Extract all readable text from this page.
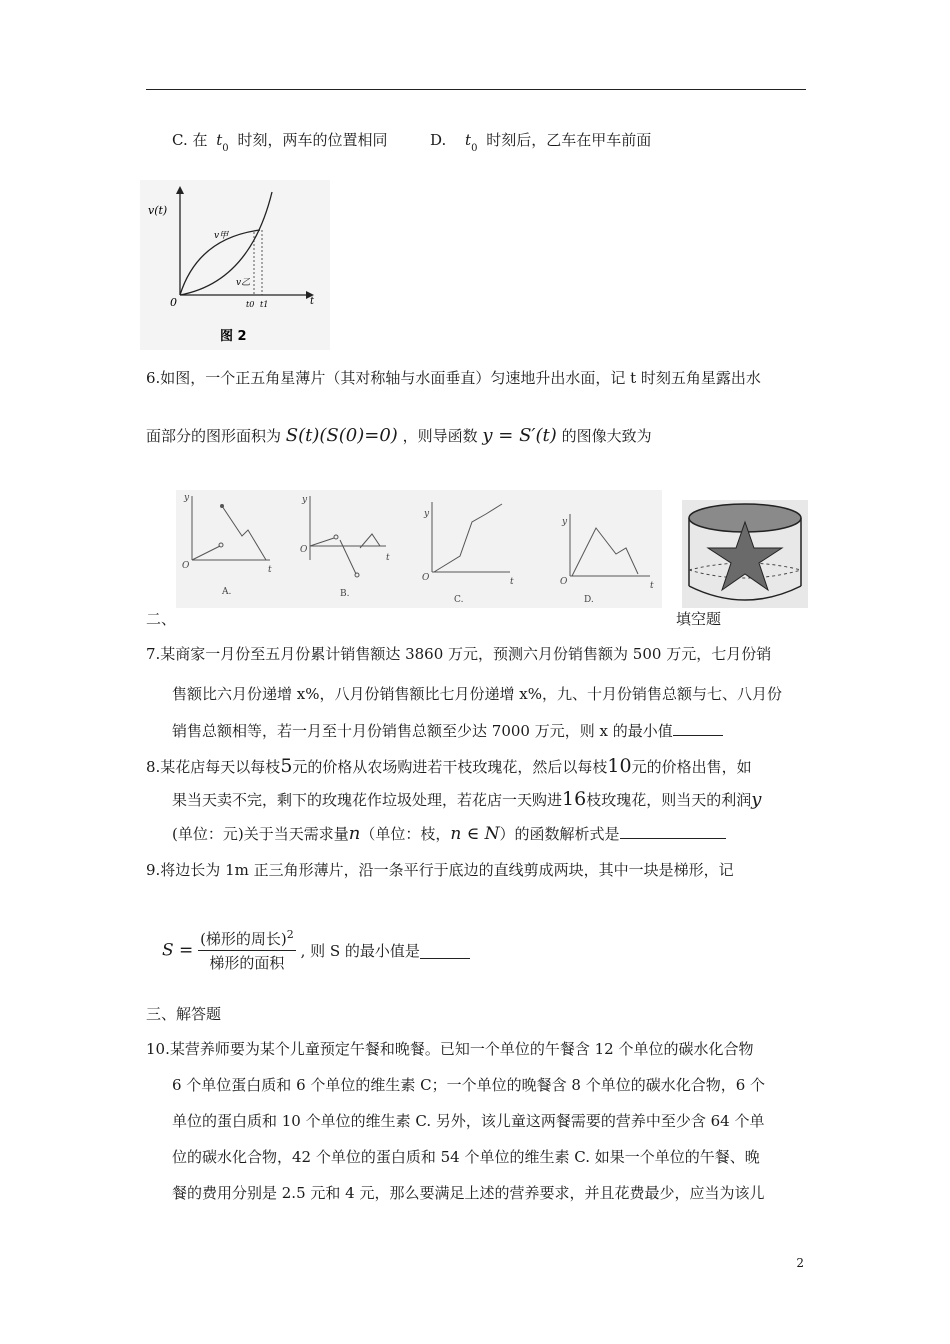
C. 在 $t_0$ 时刻，两车的位置相同	D. $t_0$ 时刻后，乙车在甲车前面
v(t)
t
0
v甲
v乙
t0 t1
图 2
6.如图，一个正五角星薄片（其对称轴与水面垂直）匀速地升出水面，记 t 时刻五角星露出水
面部分的图形面积为 S(t)(S(0)=0) ，则导函数 y = S′(t) 的图像大致为
y
t
O
A.
y
t
O
B.
y
t
O
C.
y
t
O
D.
二、	填空题
7.某商家一月份至五月份累计销售额达 3860 万元，预测六月份销售额为 500 万元，七月份销
售额比六月份递增 x%，八月份销售额比七月份递增 x%，九、十月份销售总额与七、八月份
销售总额相等，若一月至十月份销售总额至少达 7000 万元，则 x 的最小值
8.某花店每天以每枝5元的价格从农场购进若干枝玫瑰花，然后以每枝10元的价格出售，如
果当天卖不完，剩下的玫瑰花作垃圾处理，若花店一天购进16枝玫瑰花，则当天的利润y
(单位：元)关于当天需求量n（单位：枝，n ∈ N）的函数解析式是
9.将边长为 1m 正三角形薄片，沿一条平行于底边的直线剪成两块，其中一块是梯形，记
$S = \frac{(梯形的周长)^2}{\text{梯形的面积}}$ , 则 S 的最小值是
三、解答题
10.某营养师要为某个儿童预定午餐和晚餐。已知一个单位的午餐含 12 个单位的碳水化合物
6 个单位蛋白质和 6 个单位的维生素 C；一个单位的晚餐含 8 个单位的碳水化合物，6 个
单位的蛋白质和 10 个单位的维生素 C. 另外，该儿童这两餐需要的营养中至少含 64 个单
位的碳水化合物，42 个单位的蛋白质和 54 个单位的维生素 C. 如果一个单位的午餐、晚
餐的费用分别是 2.5 元和 4 元，那么要满足上述的营养要求，并且花费最少，应当为该儿
2
